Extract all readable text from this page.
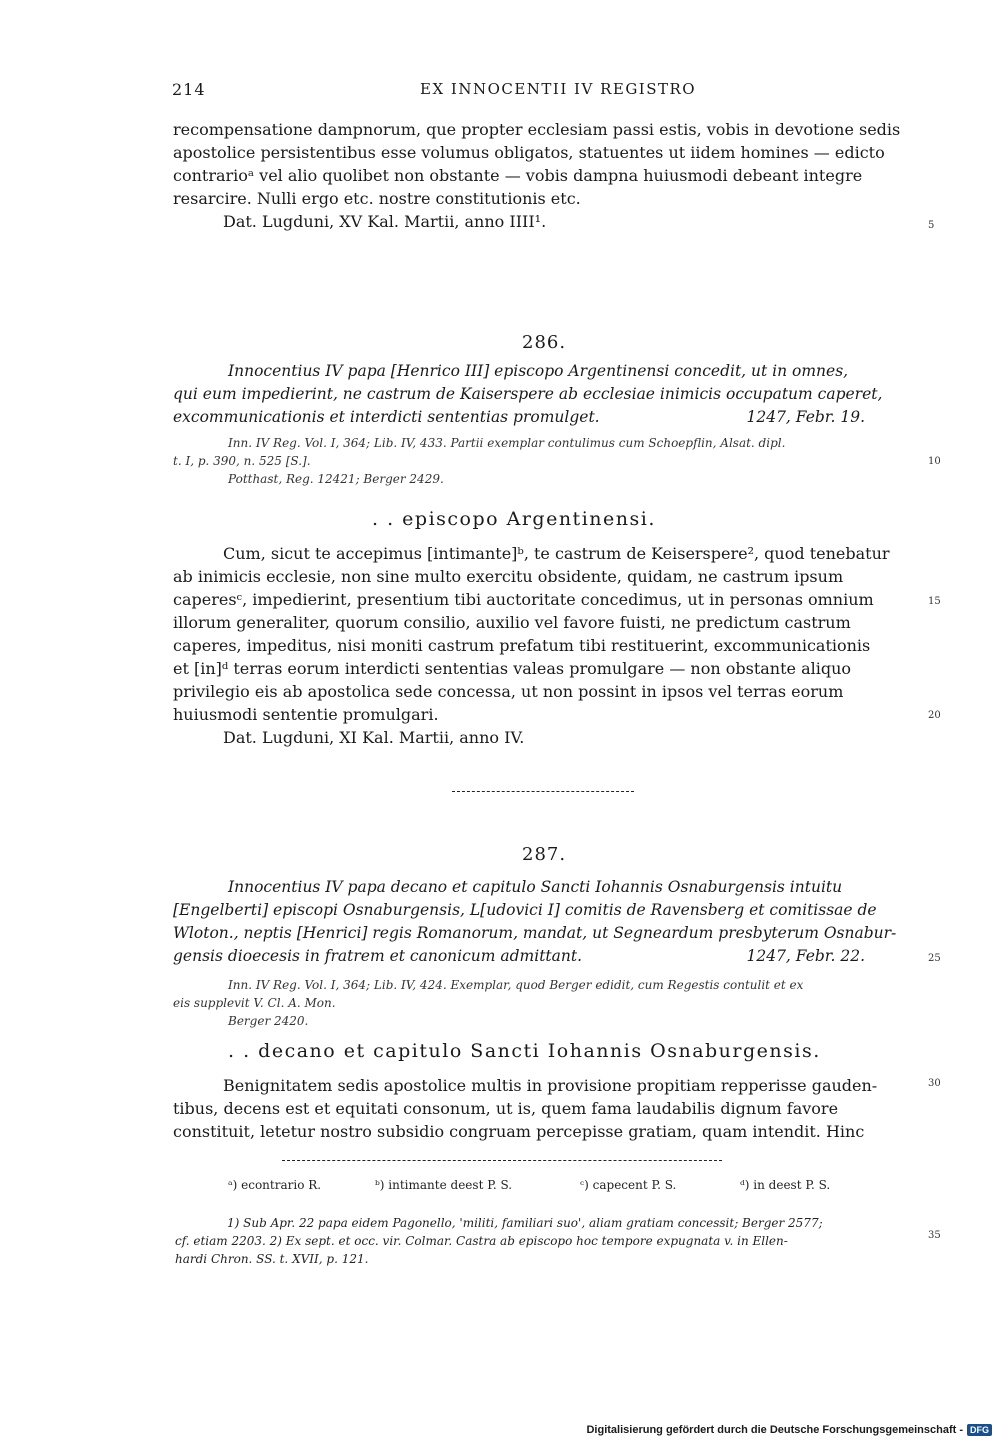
214	EX INNOCENTII IV REGISTRO

recompensatione dampnorum, que propter ecclesiam passi estis, vobis in devotione sedis
apostolice persistentibus esse volumus obligatos, statuentes ut iidem homines — edicto
contrarioᵃ vel alio quolibet non obstante — vobis dampna huiusmodi debeant integre
resarcire. Nulli ergo etc. nostre constitutionis etc.
Dat. Lugduni, XV Kal. Martii, anno IIII¹.	5
286.
Innocentius IV papa [Henrico III] episcopo Argentinensi concedit, ut in omnes,
qui eum impedierint, ne castrum de Kaiserspere ab ecclesiae inimicis occupatum caperet,
excommunicationis et interdicti sententias promulget.	1247, Febr. 19.
Inn. IV Reg. Vol. I, 364; Lib. IV, 433. Partii exemplar contulimus cum Schoepflin, Alsat. dipl.
t. I, p. 390, n. 525 [S.].
Potthast, Reg. 12421; Berger 2429.
10
. . episcopo Argentinensi.

Cum, sicut te accepimus [intimante]ᵇ, te castrum de Keiserspere², quod tenebatur
ab inimicis ecclesie, non sine multo exercitu obsidente, quidam, ne castrum ipsum
caperesᶜ, impedierint, presentium tibi auctoritate concedimus, ut in personas omnium
illorum generaliter, quorum consilio, auxilio vel favore fuisti, ne predictum castrum
caperes, impeditus, nisi moniti castrum prefatum tibi restituerint, excommunicationis
et [in]ᵈ terras eorum interdicti sententias valeas promulgare — non obstante aliquo
privilegio eis ab apostolica sede concessa, ut non possint in ipsos vel terras eorum
huiusmodi sententie promulgari.
Dat. Lugduni, XI Kal. Martii, anno IV.

15
20
287.
Innocentius IV papa decano et capitulo Sancti Iohannis Osnaburgensis intuitu
[Engelberti] episcopi Osnaburgensis, L[udovici I] comitis de Ravensberg et comitissae de
Wloton., neptis [Henrici] regis Romanorum, mandat, ut Segneardum presbyterum Osnabur-
gensis dioecesis in fratrem et canonicum admittant.	1247, Febr. 22.	25
Inn. IV Reg. Vol. I, 364; Lib. IV, 424. Exemplar, quod Berger edidit, cum Regestis contulit et ex
eis supplevit V. Cl. A. Mon.
Berger 2420.
. . decano et capitulo Sancti Iohannis Osnaburgensis.

Benignitatem sedis apostolice multis in provisione propitiam repperisse gauden-
tibus, decens est et equitati consonum, ut is, quem fama laudabilis dignum favore
constituit, letetur nostro subsidio congruam percepisse gratiam, quam intendit. Hinc

30
ᵃ) econtrario R.	ᵇ) intimante deest P. S.	ᶜ) capecent P. S.	ᵈ) in deest P. S.
1) Sub Apr. 22 papa eidem Pagonello, 'militi, familiari suo', aliam gratiam concessit; Berger 2577;
cf. etiam 2203. 2) Ex sept. et occ. vir. Colmar. Castra ab episcopo hoc tempore expugnata v. in Ellen-
hardi Chron. SS. t. XVII, p. 121.
35
Digitalisierung gefördert durch die Deutsche Forschungsgemeinschaft - DFG
